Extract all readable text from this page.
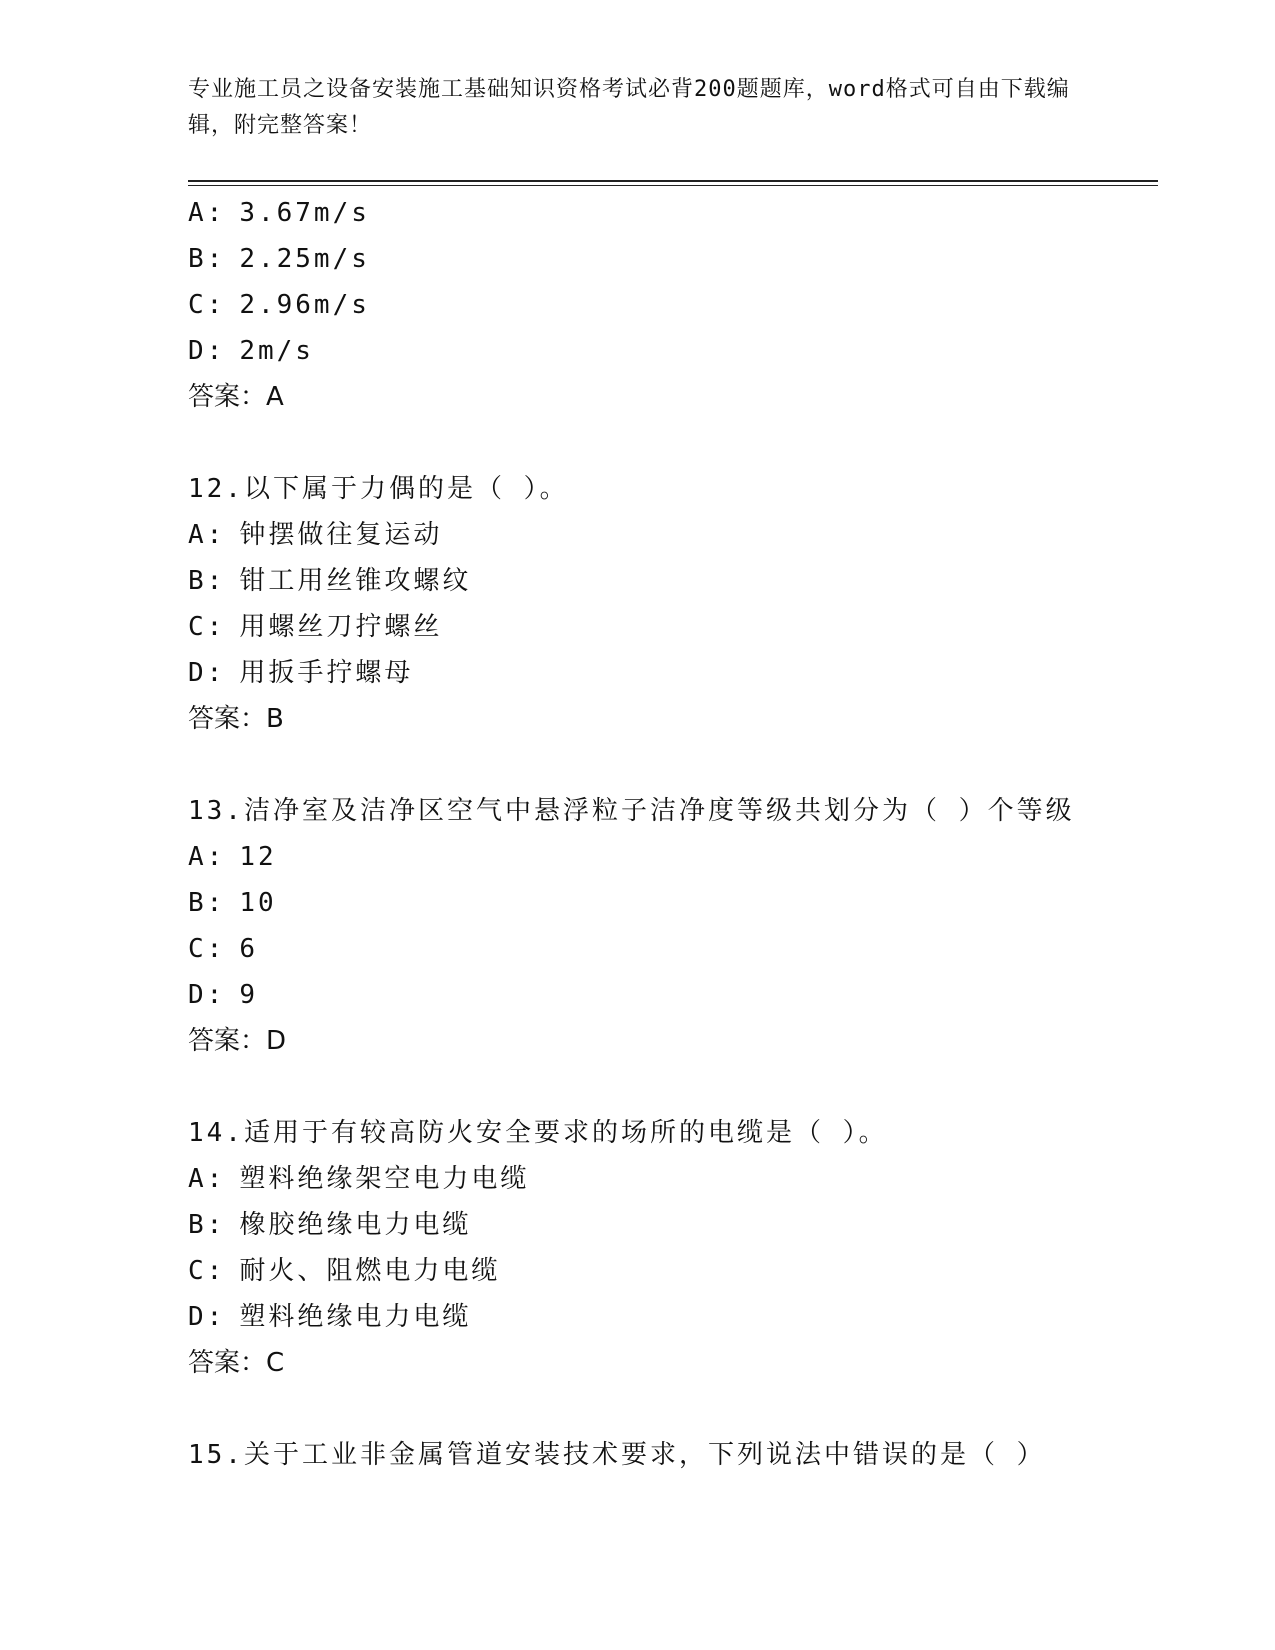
专业施工员之设备安装施工基础知识资格考试必背200题题库，word格式可自由下载编辑，附完整答案！
A: 3.67m/s
B: 2.25m/s
C: 2.96m/s
D: 2m/s
答案：A
12.以下属于力偶的是（ ）。
A: 钟摆做往复运动
B: 钳工用丝锥攻螺纹
C: 用螺丝刀拧螺丝
D: 用扳手拧螺母
答案：B
13.洁净室及洁净区空气中悬浮粒子洁净度等级共划分为（ ）个等级
A: 12
B: 10
C: 6
D: 9
答案：D
14.适用于有较高防火安全要求的场所的电缆是（ ）。
A: 塑料绝缘架空电力电缆
B: 橡胶绝缘电力电缆
C: 耐火、阻燃电力电缆
D: 塑料绝缘电力电缆
答案：C
15.关于工业非金属管道安装技术要求，下列说法中错误的是（ ）
